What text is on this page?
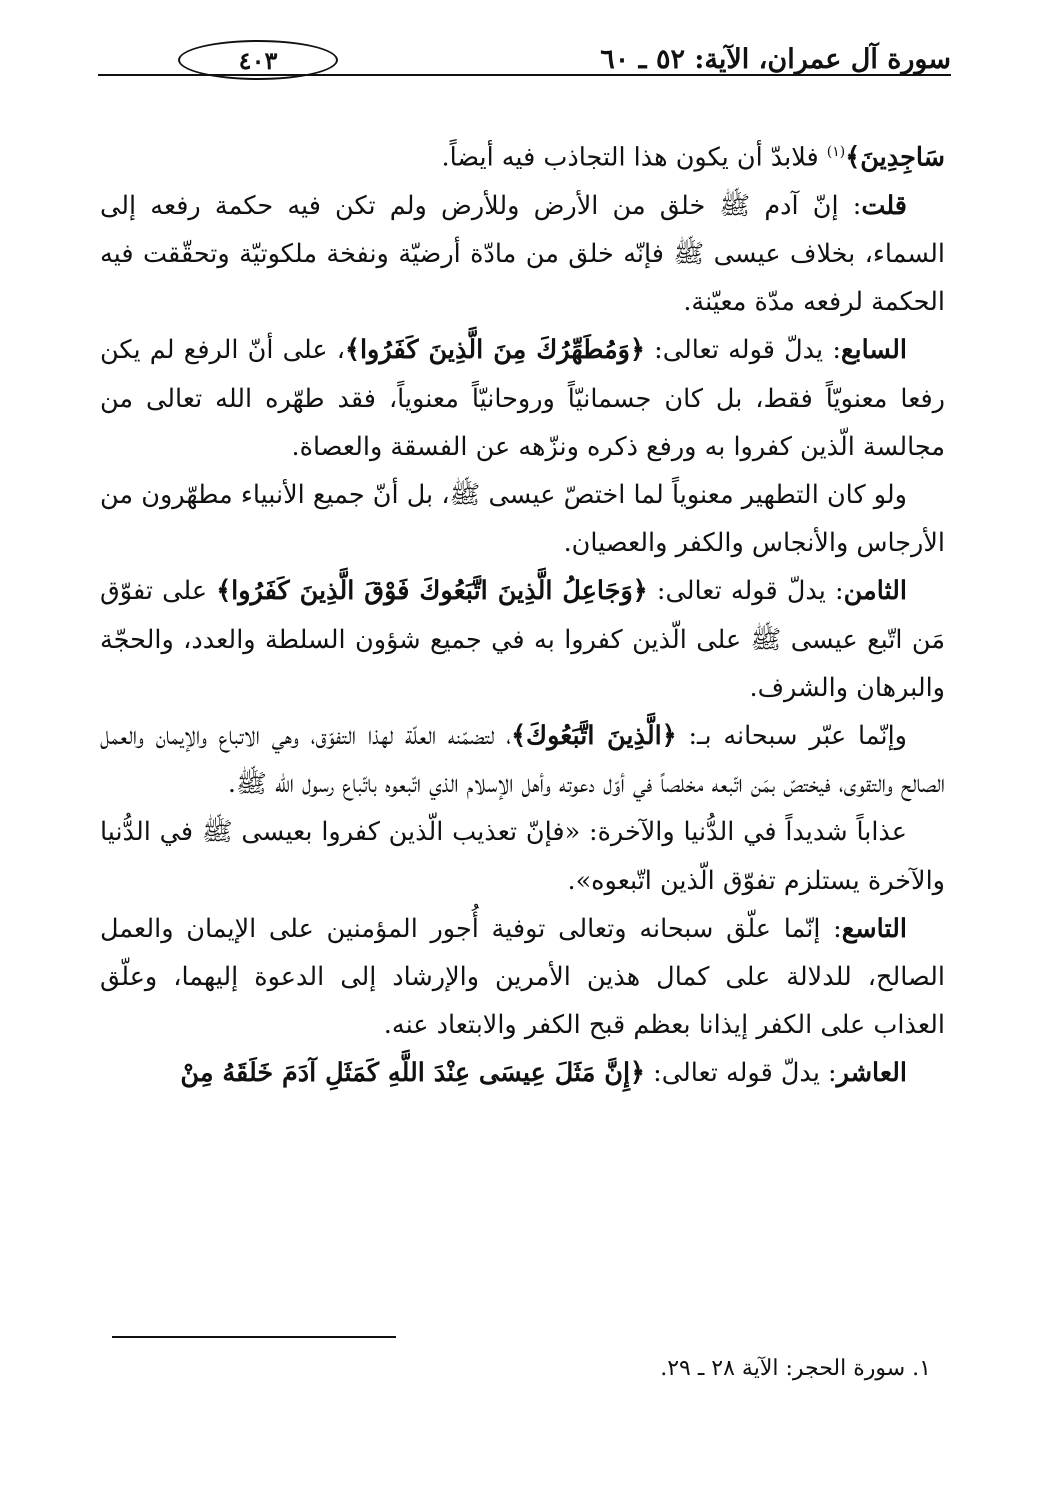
سورة آل عمران، الآية: ٥٢ ـ ٦٠
٤٠٣

سَاجِدِينَ﴾$^{(١)}$ فلابدّ أن يكون هذا التجاذب فيه أيضاً.

قلت: إنّ آدم ﷺ خلق من الأرض وللأرض ولم تكن فيه حكمة رفعه إلى السماء، بخلاف عيسى ﷺ فإنّه خلق من مادّة أرضيّة ونفخة ملكوتيّة وتحقّقت فيه الحكمة لرفعه مدّة معيّنة.

السابع: يدلّ قوله تعالى: ﴿وَمُطَهِّرُكَ مِنَ الَّذِينَ كَفَرُوا﴾، على أنّ الرفع لم يكن رفعا معنويّاً فقط، بل كان جسمانيّاً وروحانيّاً معنوياً، فقد طهّره الله تعالى من مجالسة الّذين كفروا به ورفع ذكره ونزّهه عن الفسقة والعصاة.

ولو كان التطهير معنوياً لما اختصّ عيسى ﷺ، بل أنّ جميع الأنبياء مطهّرون من الأرجاس والأنجاس والكفر والعصيان.

الثامن: يدلّ قوله تعالى: ﴿وَجَاعِلُ الَّذِينَ اتَّبَعُوكَ فَوْقَ الَّذِينَ كَفَرُوا﴾ على تفوّق مَن اتّبع عيسى ﷺ على الّذين كفروا به في جميع شؤون السلطة والعدد، والحجّة والبرهان والشرف.

وإنّما عبّر سبحانه بـ: ﴿الَّذِينَ اتَّبَعُوكَ﴾، لتضمّنه العلّة لهذا التفوّق، وهي الاتباع والإيمان والعمل الصالح والتقوى، فيختصّ بمَن اتّبعه مخلصاً في أوّل دعوته وأهل الإسلام الذي اتّبعوه باتّباع رسول الله ﷺ.

عذاباً شديداً في الدُّنيا والآخرة: «فإنّ تعذيب الّذين كفروا بعيسى ﷺ في الدُّنيا والآخرة يستلزم تفوّق الّذين اتّبعوه».

التاسع: إنّما علّق سبحانه وتعالى توفية أُجور المؤمنين على الإيمان والعمل الصالح، للدلالة على كمال هذين الأمرين والإرشاد إلى الدعوة إليهما، وعلّق العذاب على الكفر إيذانا بعظم قبح الكفر والابتعاد عنه.

العاشر: يدلّ قوله تعالى: ﴿إِنَّ مَثَلَ عِيسَى عِنْدَ اللَّهِ كَمَثَلِ آدَمَ خَلَقَهُ مِنْ

١. سورة الحجر: الآية ٢٨ ـ ٢٩.
